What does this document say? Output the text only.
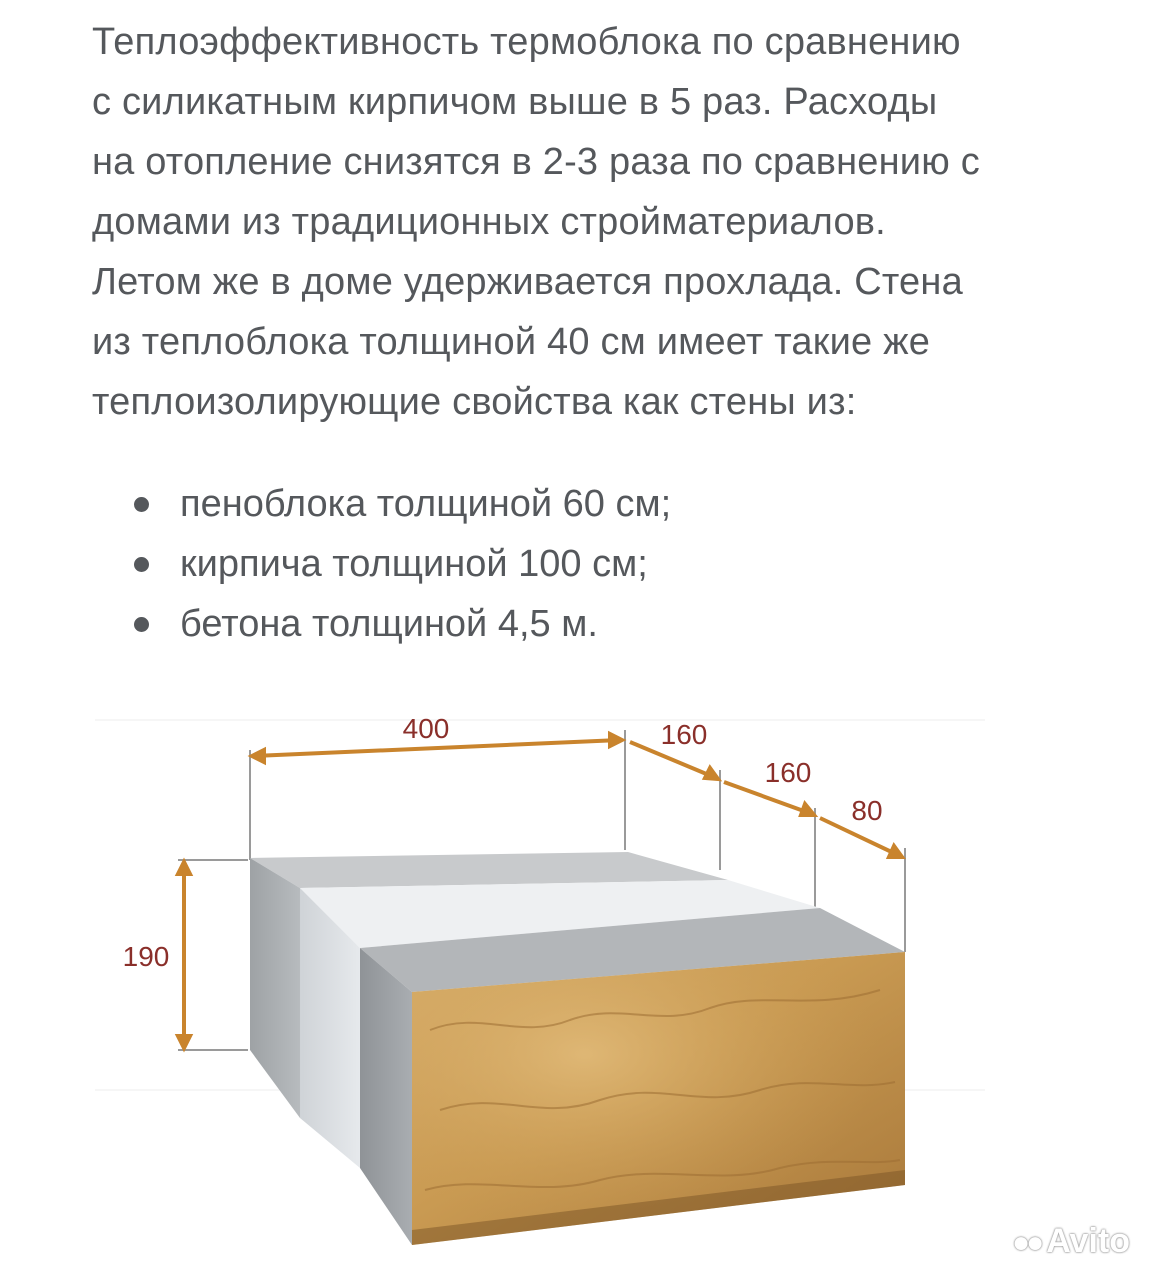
Теплоэффективность термоблока по сравнению
с силикатным кирпичом выше в 5 раз. Расходы
на отопление снизятся в 2-3 раза по сравнению с
домами из традиционных стройматериалов.
Летом же в доме удерживается прохлада. Стена
из теплоблока толщиной 40 см имеет такие же
теплоизолирующие свойства как стены из:

пеноблока толщиной 60 см;
кирпича толщиной 100 см;
бетона толщиной 4,5 м.
400	160
160
80
190
●● Avito
